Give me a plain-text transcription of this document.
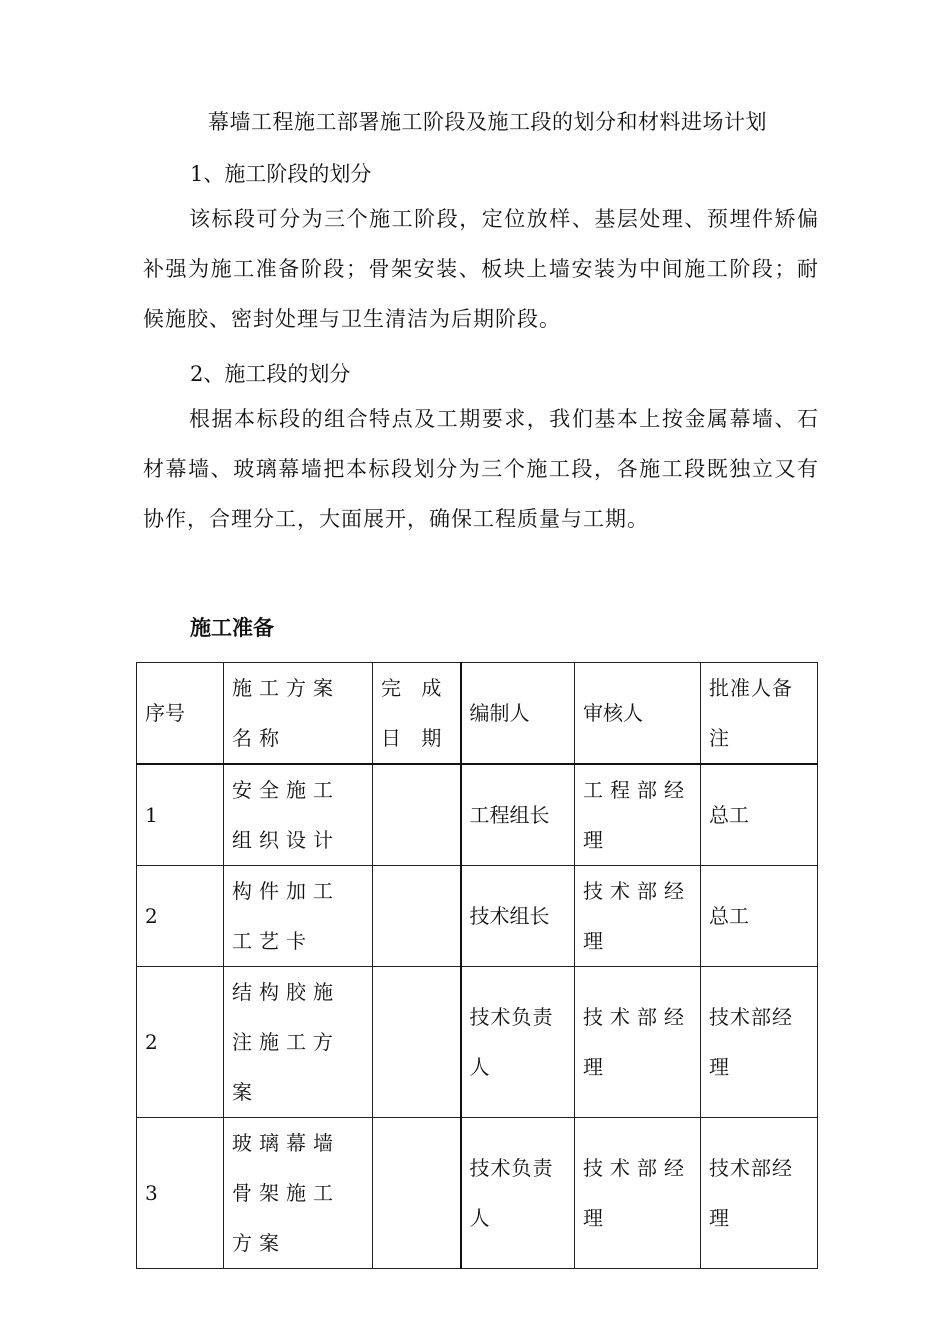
幕墙工程施工部署施工阶段及施工段的划分和材料进场计划
1、施工阶段的划分
该标段可分为三个施工阶段，定位放样、基层处理、预埋件矫偏补强为施工准备阶段；骨架安装、板块上墙安装为中间施工阶段；耐候施胶、密封处理与卫生清洁为后期阶段。
2、施工段的划分
根据本标段的组合特点及工期要求，我们基本上按金属幕墙、石材幕墙、玻璃幕墙把本标段划分为三个施工段，各施工段既独立又有协作，合理分工，大面展开，确保工程质量与工期。
施工准备
序号	施工方案名称	完 成 日 期	编制人	审核人	批准人备注
1	安全施工组织设计		工程组长	工程部经理	总工
2	构件加工工艺卡		技术组长	技术部经理	总工
2	结构胶施注施工方案		技术负责人	技术部经理	技术部经理
3	玻璃幕墙骨架施工方案		技术负责人	技术部经理	技术部经理
